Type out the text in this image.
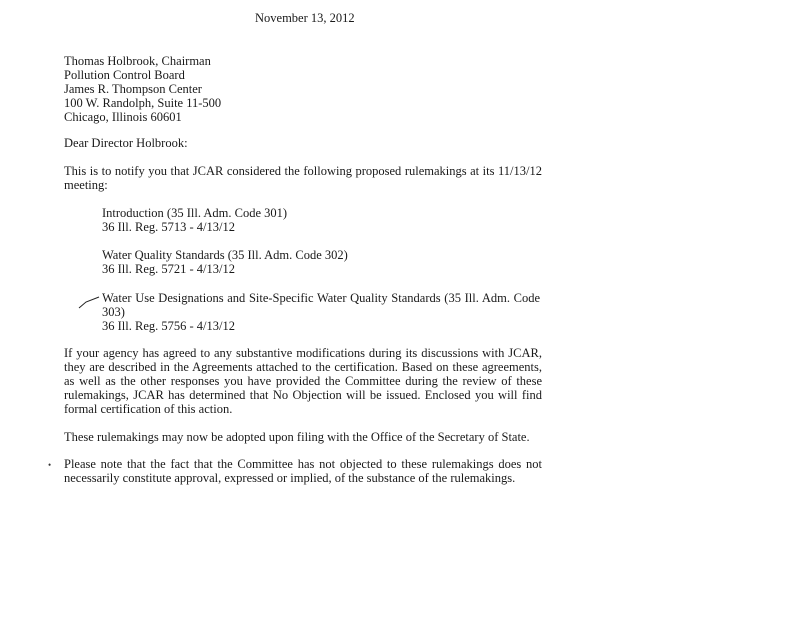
November 13, 2012
Thomas Holbrook, Chairman
Pollution Control Board
James R. Thompson Center
100 W. Randolph, Suite 11-500
Chicago, Illinois 60601
Dear Director Holbrook:
This is to notify you that JCAR considered the following proposed rulemakings at its 11/13/12 meeting:
Introduction (35 Ill. Adm. Code 301)
36 Ill. Reg. 5713 - 4/13/12
Water Quality Standards (35 Ill. Adm. Code 302)
36 Ill. Reg. 5721 - 4/13/12
Water Use Designations and Site-Specific Water Quality Standards (35 Ill. Adm. Code 303)
36 Ill. Reg. 5756 - 4/13/12
If your agency has agreed to any substantive modifications during its discussions with JCAR, they are described in the Agreements attached to the certification. Based on these agreements, as well as the other responses you have provided the Committee during the review of these rulemakings, JCAR has determined that No Objection will be issued. Enclosed you will find formal certification of this action.
These rulemakings may now be adopted upon filing with the Office of the Secretary of State.
• Please note that the fact that the Committee has not objected to these rulemakings does not necessarily constitute approval, expressed or implied, of the substance of the rulemakings.
